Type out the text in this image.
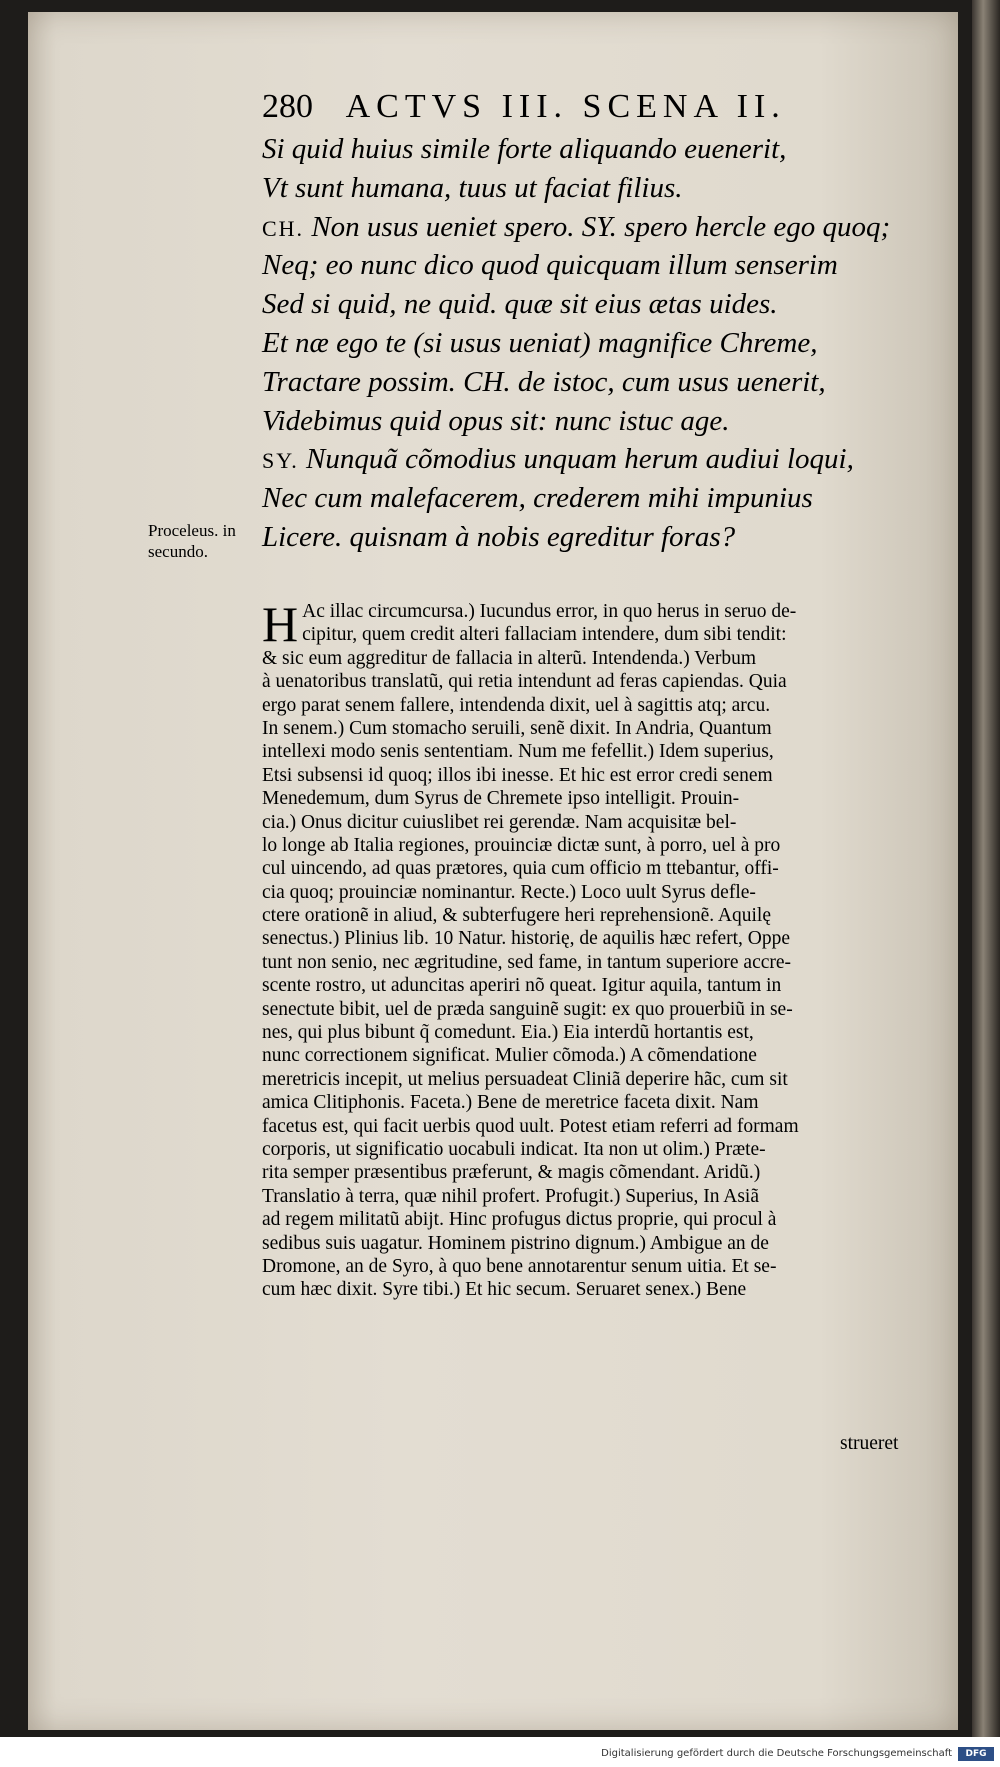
280 ACTVS III. SCENA II.
Si quid huius simile forte aliquando euenerit,
Vt sunt humana, tuus ut faciat filius.
CH. Non usus ueniet spero. SY. spero hercle ego quoq;
Neq; eo nunc dico quod quicquam illum senserim
Sed si quid, ne quid. quæ sit eius ætas uides.
Et næ ego te (si usus ueniat) magnifice Chreme,
Tractare possim. CH. de istoc, cum usus uenerit,
Videbimus quid opus sit: nunc istuc age.
SY. Nunquã cõmodius unquam herum audiui loqui,
Nec cum malefacerem, crederem mihi impunius
Licere. quisnam à nobis egreditur foras?
Proceleus. in
secundo.
H Ac illac circumcursa.) Iucundus error, in quo herus in seruo de-
cipitur, quem credit alteri fallaciam intendere, dum sibi tendit:
& sic eum aggreditur de fallacia in alterũ. Intendenda.) Verbum
à uenatoribus translatũ, qui retia intendunt ad feras capiendas. Quia
ergo parat senem fallere, intendenda dixit, uel à sagittis atq; arcu.
In senem.) Cum stomacho seruili, senẽ dixit. In Andria, Quantum
intellexi modo senis sententiam. Num me fefellit.) Idem superius,
Etsi subsensi id quoq; illos ibi inesse. Et hic est error credi senem
Menedemum, dum Syrus de Chremete ipso intelligit. Prouin-
cia.) Onus dicitur cuiuslibet rei gerendæ. Nam acquisitæ bel-
lo longe ab Italia regiones, prouinciæ dictæ sunt, à porro, uel à pro
cul uincendo, ad quas prætores, quia cum officio m ttebantur, offi-
cia quoq; prouinciæ nominantur. Recte.) Loco uult Syrus defle-
ctere orationẽ in aliud, & subterfugere heri reprehensionẽ. Aquilę
senectus.) Plinius lib. 10 Natur. historię, de aquilis hæc refert, Oppe
tunt non senio, nec ægritudine, sed fame, in tantum superiore accre-
scente rostro, ut aduncitas aperiri nõ queat. Igitur aquila, tantum in
senectute bibit, uel de præda sanguinẽ sugit: ex quo prouerbiũ in se-
nes, qui plus bibunt q̃ comedunt. Eia.) Eia interdũ hortantis est,
nunc correctionem significat. Mulier cõmoda.) A cõmendatione
meretricis incepit, ut melius persuadeat Cliniã deperire hãc, cum sit
amica Clitiphonis. Faceta.) Bene de meretrice faceta dixit. Nam
facetus est, qui facit uerbis quod uult. Potest etiam referri ad formam
corporis, ut significatio uocabuli indicat. Ita non ut olim.) Præte-
rita semper præsentibus præferunt, & magis cõmendant. Aridũ.)
Translatio à terra, quæ nihil profert. Profugit.) Superius, In Asiã
ad regem militatũ abijt. Hinc profugus dictus proprie, qui procul à
sedibus suis uagatur. Hominem pistrino dignum.) Ambigue an de
Dromone, an de Syro, à quo bene annotarentur senum uitia. Et se-
cum hæc dixit. Syre tibi.) Et hic secum. Seruaret senex.) Bene
strueret
Digitalisierung gefördert durch die Deutsche Forschungsgemeinschaft	DFG
